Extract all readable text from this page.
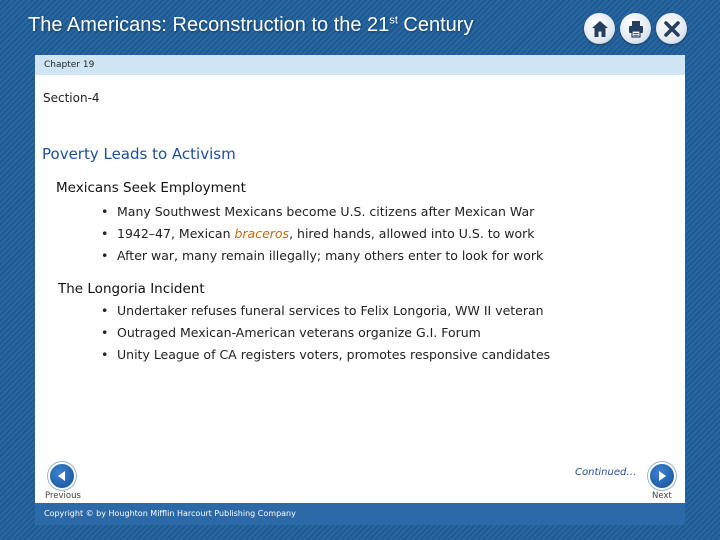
The Americans: Reconstruction to the 21st Century
Chapter 19
Section-4
Poverty Leads to Activism
Mexicans Seek Employment
• Many Southwest Mexicans become U.S. citizens after Mexican War
• 1942–47, Mexican braceros, hired hands, allowed into U.S. to work
• After war, many remain illegally; many others enter to look for work
The Longoria Incident
• Undertaker refuses funeral services to Felix Longoria, WW II veteran
• Outraged Mexican-American veterans organize G.I. Forum
• Unity League of CA registers voters, promotes responsive candidates
Continued…
Previous	Next
Copyright © by Houghton Mifflin Harcourt Publishing Company
